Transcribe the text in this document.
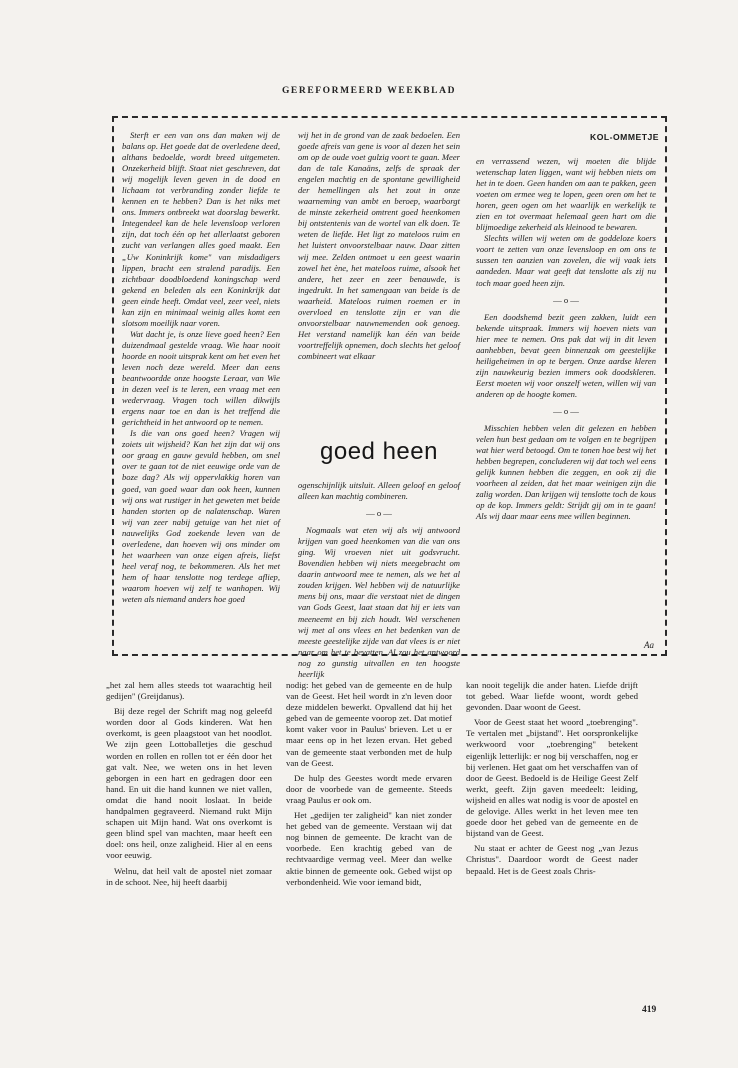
GEREFORMEERD WEEKBLAD

Sterft er een van ons dan maken wij de balans op. Het goede dat de overledene deed, althans bedoelde, wordt breed uitgemeten. Onzekerheid blijft. Staat niet geschreven, dat wij mogelijk leven geven in de dood en lichaam tot verbranding zonder liefde te kennen en te hebben? Dan is het niks met ons. Immers ontbreekt wat doorslag bewerkt. Integendeel kan de hele levensloop verloren zijn, dat toch één op het allerlaatst geboren zucht van verlangen alles goed maakt. Een „Uw Koninkrijk kome" van misdadigers lippen, bracht een stralend paradijs. Een zichtbaar doodbloedend koningschap werd gekend en beleden als een Koninkrijk dat geen einde heeft. Omdat veel, zeer veel, niets kan zijn en minimaal weinig alles komt een slotsom moeilijk naar voren.

Wat dacht je, is onze lieve goed heen? Een duizendmaal gestelde vraag. Wie haar nooit hoorde en nooit uitsprak kent om het even het leven noch deze wereld. Meer dan eens beantwoordde onze hoogste Leraar, van Wie in dezen veel is te leren, een vraag met een wedervraag. Vragen toch willen dikwijls ergens naar toe en dan is het treffend die gerichtheid in het antwoord op te nemen.

Is die van ons goed heen? Vragen wij zoiets uit wijsheid? Kan het zijn dat wij ons oor graag en gauw gevuld hebben, om snel over te gaan tot de niet eeuwige orde van de boze dag? Als wij oppervlakkig horen van goed, van goed waar dan ook heen, kunnen wij ons wat rustiger in het geweten met beide handen storten op de nalatenschap. Waren wij van zeer nabij getuige van het niet of nauwelijks God zoekende leven van de overledene, dan hoeven wij ons minder om het waarheen van onze eigen afreis, liefst heel veraf nog, te bekommeren. Als het met hem of haar tenslotte nog terdege afliep, waarom hoeven wij zelf te wanhopen. Wij weten als niemand anders hoe goed

wij het in de grond van de zaak bedoelen. Een goede afreis van gene is voor al dezen het sein om op de oude voet gulzig voort te gaan. Meer dan de tale Kanaäns, zelfs de spraak der engelen machtig en de spontane gewilligheid der hemellingen als het zout in onze waarneming van ambt en beroep, waarborgt de minste zekerheid omtrent goed heenkomen bij ontstentenis van de wortel van elk doen. Te weten de liefde. Het ligt zo mateloos ruim en het luistert onvoorstelbaar nauw. Daar zitten wij mee. Zelden ontmoet u een geest waarin zowel het ène, het mateloos ruime, alsook het andere, het zeer en zeer benauwde, is ingedrukt. In het samengaan van beide is de waarheid. Mateloos ruimen roemen er in overvloed en tenslotte zijn er van die onvoorstelbaar nauwnemenden ook genoeg. Het verstand namelijk kan één van beide voortreffelijk opnemen, doch slechts het geloof combineert wat elkaar

goed heen

ogenschijnlijk uitsluit. Alleen geloof en geloof alleen kan machtig combineren.

— o —

Nogmaals wat eten wij als wij antwoord krijgen van goed heenkomen van die van ons ging. Wij vroeven niet uit godsvrucht. Bovendien hebben wij niets meegebracht om daarin antwoord mee te nemen, als we het al zouden krijgen. Wel hebben wij de natuurlijke mens bij ons, maar die verstaat niet de dingen van Gods Geest, laat staan dat hij er iets van meeneemt en bij zich houdt. Wel verschenen wij met al ons vlees en het bedenken van de meeste geestelijke zijde van dat vlees is er niet naar om het te bevatten. Al zou het antwoord nog zo gunstig uitvallen en ten hoogste heerlijk

KOL-OMMETJE

en verrassend wezen, wij moeten die blijde wetenschap laten liggen, want wij hebben niets om het in te doen. Geen handen om aan te pakken, geen voeten om ermee weg te lopen, geen oren om het te horen, geen ogen om het waarlijk en werkelijk te zien en tot overmaat helemaal geen hart om die blijmoedige zekerheid als kleinood te bewaren.

Slechts willen wij weten om de goddeloze koers voort te zetten van onze levensloop en om ons te sussen ten aanzien van zovelen, die wij vaak iets aandeden. Maar wat geeft dat tenslotte als zij nu toch maar goed heen zijn.

— o —

Een doodshemd bezit geen zakken, luidt een bekende uitspraak. Immers wij hoeven niets van hier mee te nemen. Ons pak dat wij in dit leven aanhebben, bevat geen binnenzak om geestelijke heiligeheimen in op te bergen. Onze aardse kleren zijn nauwkeurig bezien immers ook doodskleren. Eerst moeten wij voor onszelf weten, willen wij van anderen op de hoogte komen.

— o —

Misschien hebben velen dit gelezen en hebben velen hun best gedaan om te volgen en te begrijpen wat hier werd betoogd. Om te tonen hoe best wij het hebben begrepen, concluderen wij dat toch wel eens gelijk kunnen hebben die zeggen, en ook zij die voorheen al zeiden, dat het maar weinigen zijn die zalig worden. Dan krijgen wij tenslotte toch de kous op de kop. Immers geldt: Strijdt gij om in te gaan! Als wij daar maar eens mee willen beginnen.

Aa

„het zal hem alles steeds tot waarachtig heil gedijen" (Greijdanus).

Bij deze regel der Schrift mag nog geleefd worden door al Gods kinderen. Wat hen overkomt, is geen plaagstoot van het noodlot. We zijn geen Lottoballetjes die geschud worden en rollen en rollen tot er één door het gat valt. Nee, we weten ons in het leven geborgen in een hart en gedragen door een hand. En uit die hand kunnen we niet vallen, omdat die hand nooit loslaat. In beide handpalmen gegraveerd. Niemand rukt Mijn schapen uit Mijn hand. Wat ons overkomt is geen blind spel van machten, maar heeft een doel: ons heil, onze zaligheid. Hier al en eens voor eeuwig.

Welnu, dat heil valt de apostel niet zomaar in de schoot. Nee, hij heeft daarbij

nodig: het gebed van de gemeente en de hulp van de Geest. Het heil wordt in z'n leven door deze middelen bewerkt. Opvallend dat hij het gebed van de gemeente voorop zet. Dat motief komt vaker voor in Paulus' brieven. Let u er maar eens op in het lezen ervan. Het gebed van de gemeente staat verbonden met de hulp van de Geest.

De hulp des Geestes wordt mede ervaren door de voorbede van de gemeente. Steeds vraag Paulus er ook om.

Het „gedijen ter zaligheid" kan niet zonder het gebed van de gemeente. Verstaan wij dat nog binnen de gemeente. De kracht van de voorbede. Een krachtig gebed van de rechtvaardige vermag veel. Meer dan welke aktie binnen de gemeente ook. Gebed wijst op verbondenheid. Wie voor iemand bidt,

kan nooit tegelijk die ander haten. Liefde drijft tot gebed. Waar liefde woont, wordt gebed gevonden. Daar woont de Geest.

Voor de Geest staat het woord „toebrenging". Te vertalen met „bijstand". Het oorspronkelijke werkwoord voor „toebrenging" betekent eigenlijk letterlijk: er nog bij verschaffen, nog er bij verlenen. Het gaat om het verschaffen van of door de Geest. Bedoeld is de Heilige Geest Zelf werkt, geeft. Zijn gaven meedeelt: leiding, wijsheid en alles wat nodig is voor de apostel en de gelovige. Alles werkt in het leven mee ten goede door het gebed van de gemeente en de bijstand van de Geest.

Nu staat er achter de Geest nog „van Jezus Christus". Daardoor wordt de Geest nader bepaald. Het is de Geest zoals Chris-

419
